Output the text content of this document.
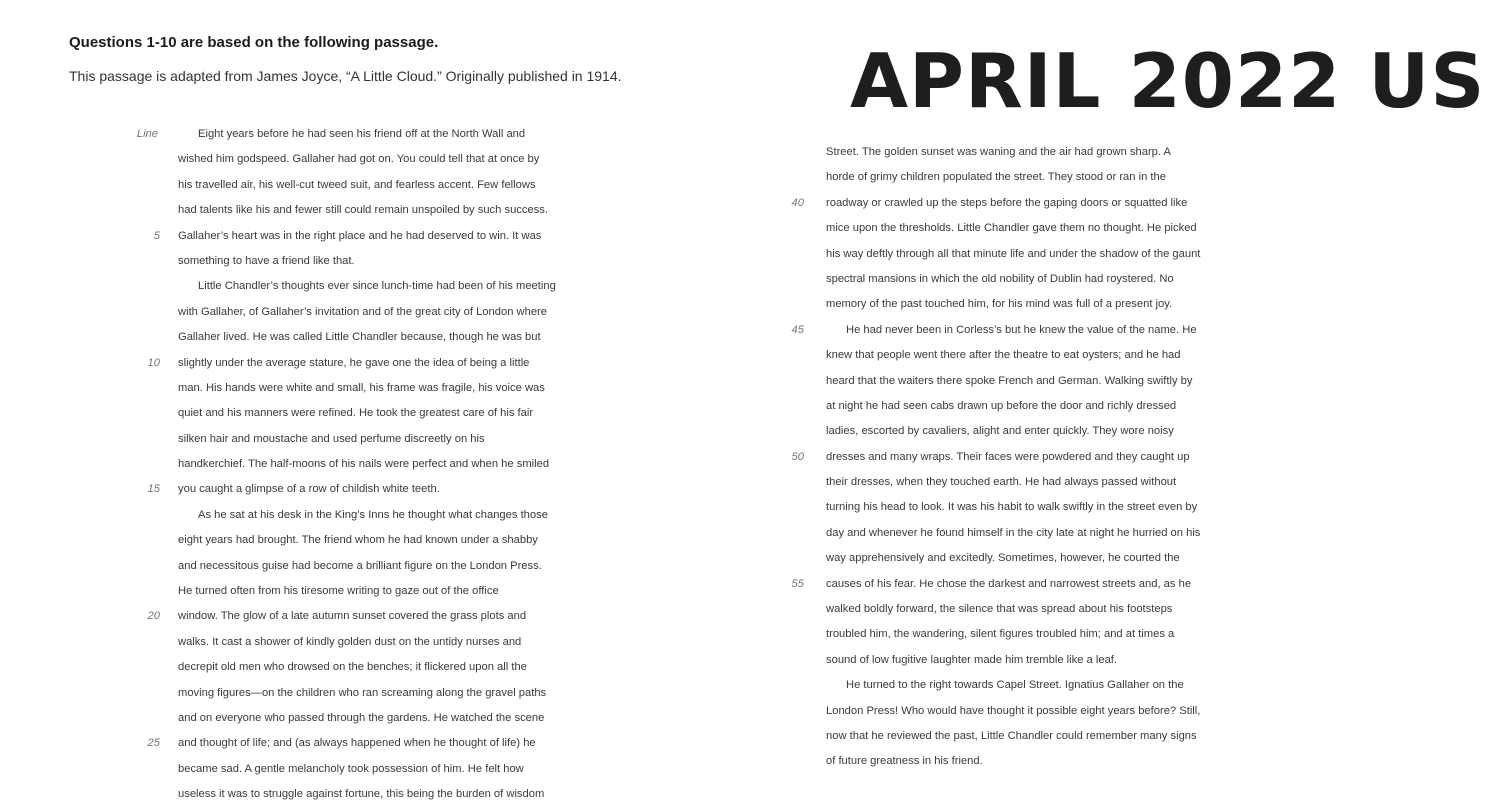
Questions 1-10 are based on the following passage.

This passage is adapted from James Joyce, “A Little Cloud.” Originally published in 1914.	APRIL 2022 US
Line	Eight years before he had seen his friend off at the North Wall and
wished him godspeed. Gallaher had got on. You could tell that at once by
his travelled air, his well-cut tweed suit, and fearless accent. Few fellows
had talents like his and fewer still could remain unspoiled by such success.
5 Gallaher’s heart was in the right place and he had deserved to win. It was
something to have a friend like that.
Little Chandler’s thoughts ever since lunch-time had been of his meeting
with Gallaher, of Gallaher’s invitation and of the great city of London where
Gallaher lived. He was called Little Chandler because, though he was but
10 slightly under the average stature, he gave one the idea of being a little
man. His hands were white and small, his frame was fragile, his voice was
quiet and his manners were refined. He took the greatest care of his fair
silken hair and moustache and used perfume discreetly on his
handkerchief. The half-moons of his nails were perfect and when he smiled
15 you caught a glimpse of a row of childish white teeth.
As he sat at his desk in the King’s Inns he thought what changes those
eight years had brought. The friend whom he had known under a shabby
and necessitous guise had become a brilliant figure on the London Press.
He turned often from his tiresome writing to gaze out of the office
20 window. The glow of a late autumn sunset covered the grass plots and
walks. It cast a shower of kindly golden dust on the untidy nurses and
decrepit old men who drowsed on the benches; it flickered upon all the
moving figures—on the children who ran screaming along the gravel paths
and on everyone who passed through the gardens. He watched the scene
25 and thought of life; and (as always happened when he thought of life) he
became sad. A gentle melancholy took possession of him. He felt how
useless it was to struggle against fortune, this being the burden of wisdom
Street. The golden sunset was waning and the air had grown sharp. A
horde of grimy children populated the street. They stood or ran in the
40 roadway or crawled up the steps before the gaping doors or squatted like
mice upon the thresholds. Little Chandler gave them no thought. He picked
his way deftly through all that minute life and under the shadow of the gaunt
spectral mansions in which the old nobility of Dublin had roystered. No
memory of the past touched him, for his mind was full of a present joy.
45	He had never been in Corless’s but he knew the value of the name. He
knew that people went there after the theatre to eat oysters; and he had
heard that the waiters there spoke French and German. Walking swiftly by
at night he had seen cabs drawn up before the door and richly dressed
ladies, escorted by cavaliers, alight and enter quickly. They wore noisy
50 dresses and many wraps. Their faces were powdered and they caught up
their dresses, when they touched earth. He had always passed without
turning his head to look. It was his habit to walk swiftly in the street even by
day and whenever he found himself in the city late at night he hurried on his
way apprehensively and excitedly. Sometimes, however, he courted the
55 causes of his fear. He chose the darkest and narrowest streets and, as he
walked boldly forward, the silence that was spread about his footsteps
troubled him, the wandering, silent figures troubled him; and at times a
sound of low fugitive laughter made him tremble like a leaf.
He turned to the right towards Capel Street. Ignatius Gallaher on the
London Press! Who would have thought it possible eight years before? Still,
now that he reviewed the past, Little Chandler could remember many signs
of future greatness in his friend.
